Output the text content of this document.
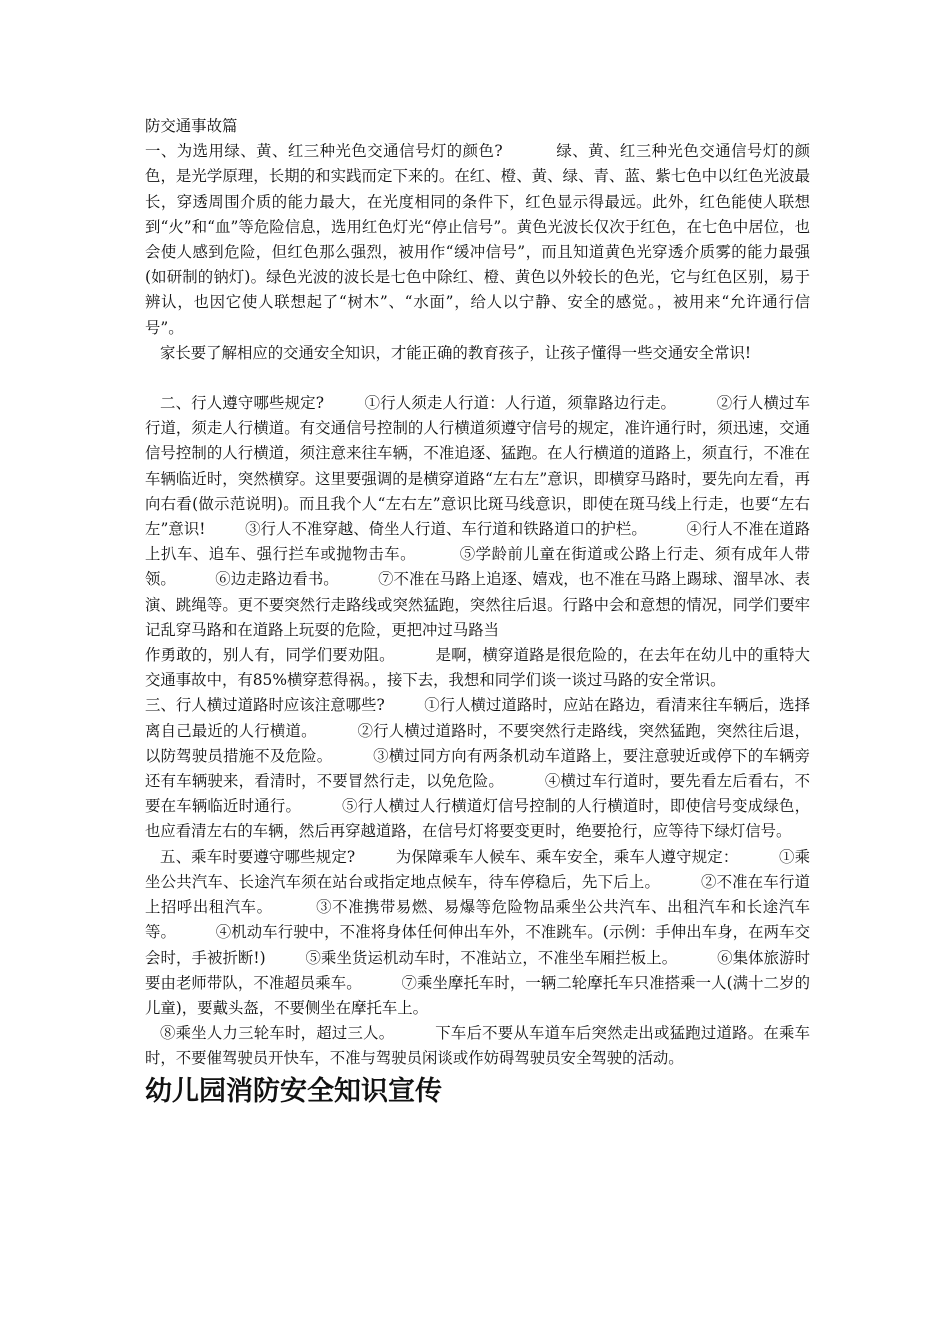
防交通事故篇

一、为选用绿、黄、红三种光色交通信号灯的颜色?          绿、黄、红三种光色交通信号灯的颜色，是光学原理，长期的和实践而定下来的。在红、橙、黄、绿、青、蓝、紫七色中以红色光波最长，穿透周围介质的能力最大，在光度相同的条件下，红色显示得最远。此外，红色能使人联想到“火”和“血”等危险信息，选用红色灯光“停止信号”。黄色光波长仅次于红色，在七色中居位，也会使人感到危险，但红色那么强烈，被用作“缓冲信号”，而且知道黄色光穿透介质雾的能力最强(如研制的钠灯)。绿色光波的波长是七色中除红、橙、黄色以外较长的色光，它与红色区别，易于辨认，也因它使人联想起了“树木”、“水面”，给人以宁静、安全的感觉。，被用来“允许通行信号”。

家长要了解相应的交通安全知识，才能正确的教育孩子，让孩子懂得一些交通安全常识!

二、行人遵守哪些规定?        ①行人须走人行道：人行道，须靠路边行走。        ②行人横过车行道，须走人行横道。有交通信号控制的人行横道须遵守信号的规定，准许通行时，须迅速，交通信号控制的人行横道，须注意来往车辆，不准追逐、猛跑。在人行横道的道路上，须直行，不准在车辆临近时，突然横穿。这里要强调的是横穿道路“左右左”意识，即横穿马路时，要先向左看，再向右看(做示范说明)。而且我个人“左右左”意识比斑马线意识，即使在斑马线上行走，也要“左右左”意识!        ③行人不准穿越、倚坐人行道、车行道和铁路道口的护栏。        ④行人不准在道路上扒车、追车、强行拦车或抛物击车。        ⑤学龄前儿童在街道或公路上行走、须有成年人带领。        ⑥边走路边看书。        ⑦不准在马路上追逐、嬉戏，也不准在马路上踢球、溜旱冰、表演、跳绳等。更不要突然行走路线或突然猛跑，突然往后退。行路中会和意想的情况，同学们要牢记乱穿马路和在道路上玩耍的危险，更把冲过马路当

作勇敢的，别人有，同学们要劝阻。        是啊，横穿道路是很危险的，在去年在幼儿中的重特大交通事故中，有85%横穿惹得祸。，接下去，我想和同学们谈一谈过马路的安全常识。

三、行人横过道路时应该注意哪些?        ①行人横过道路时，应站在路边，看清来往车辆后，选择离自己最近的人行横道。        ②行人横过道路时，不要突然行走路线，突然猛跑，突然往后退，以防驾驶员措施不及危险。        ③横过同方向有两条机动车道路上，要注意驶近或停下的车辆旁还有车辆驶来，看清时，不要冒然行走，以免危险。        ④横过车行道时，要先看左后看右，不要在车辆临近时通行。        ⑤行人横过人行横道灯信号控制的人行横道时，即使信号变成绿色，也应看清左右的车辆，然后再穿越道路，在信号灯将要变更时，绝要抢行，应等待下绿灯信号。

五、乘车时要遵守哪些规定?        为保障乘车人候车、乘车安全，乘车人遵守规定：        ①乘坐公共汽车、长途汽车须在站台或指定地点候车，待车停稳后，先下后上。        ②不准在车行道上招呼出租汽车。        ③不准携带易燃、易爆等危险物品乘坐公共汽车、出租汽车和长途汽车等。        ④机动车行驶中，不准将身体任何伸出车外，不准跳车。(示例：手伸出车身，在两车交会时，手被折断!)        ⑤乘坐货运机动车时，不准站立，不准坐车厢拦板上。        ⑥集体旅游时要由老师带队，不准超员乘车。        ⑦乘坐摩托车时，一辆二轮摩托车只准搭乘一人(满十二岁的儿童)，要戴头盔，不要侧坐在摩托车上。

⑧乘坐人力三轮车时，超过三人。        下车后不要从车道车后突然走出或猛跑过道路。在乘车时，不要催驾驶员开快车，不准与驾驶员闲谈或作妨碍驾驶员安全驾驶的活动。

幼儿园消防安全知识宣传
